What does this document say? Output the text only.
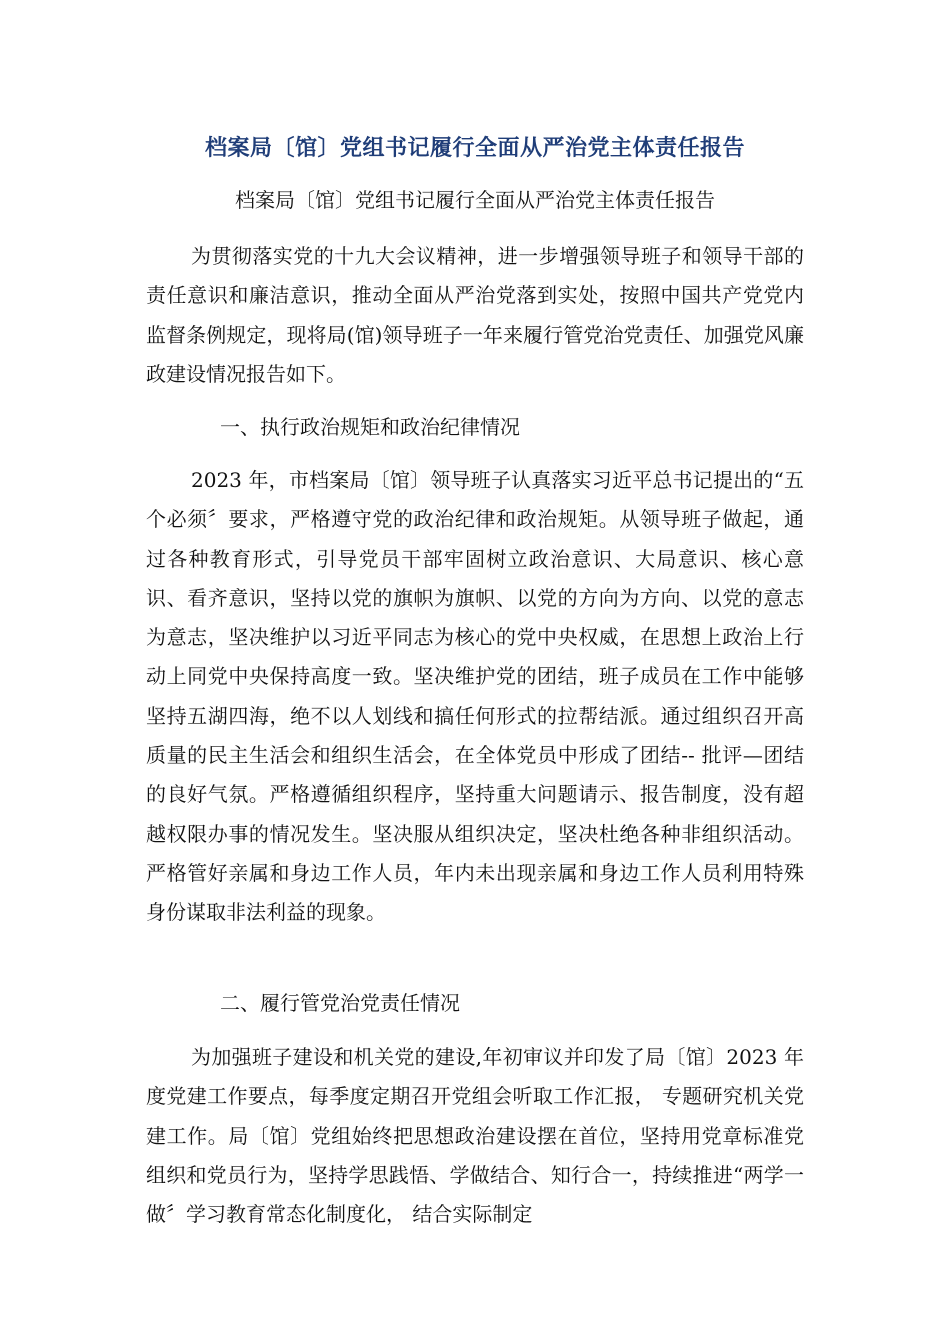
档案局〔馆〕党组书记履行全面从严治党主体责任报告

档案局〔馆〕党组书记履行全面从严治党主体责任报告

为贯彻落实党的十九大会议精神，进一步增强领导班子和领导干部的责任意识和廉洁意识，推动全面从严治党落到实处，按照中国共产党党内监督条例规定，现将局(馆)领导班子一年来履行管党治党责任、加强党风廉政建设情况报告如下。

一、执行政治规矩和政治纪律情况

2023 年，市档案局〔馆〕领导班子认真落实习近平总书记提出的“五个必须〞要求，严格遵守党的政治纪律和政治规矩。从领导班子做起，通过各种教育形式，引导党员干部牢固树立政治意识、大局意识、核心意识、看齐意识，坚持以党的旗帜为旗帜、以党的方向为方向、以党的意志为意志，坚决维护以习近平同志为核心的党中央权威，在思想上政治上行动上同党中央保持高度一致。坚决维护党的团结，班子成员在工作中能够坚持五湖四海，绝不以人划线和搞任何形式的拉帮结派。通过组织召开高质量的民主生活会和组织生活会，在全体党员中形成了团结-- 批评—团结的良好气氛。严格遵循组织程序，坚持重大问题请示、报告制度，没有超越权限办事的情况发生。坚决服从组织决定，坚决杜绝各种非组织活动。严格管好亲属和身边工作人员，年内未出现亲属和身边工作人员利用特殊身份谋取非法利益的现象。

二、履行管党治党责任情况

为加强班子建设和机关党的建设,年初审议并印发了局〔馆〕2023 年度党建工作要点，每季度定期召开党组会听取工作汇报， 专题研究机关党建工作。局〔馆〕党组始终把思想政治建设摆在首位，坚持用党章标准党组织和党员行为，坚持学思践悟、学做结合、知行合一，持续推进“两学一做〞学习教育常态化制度化， 结合实际制定
